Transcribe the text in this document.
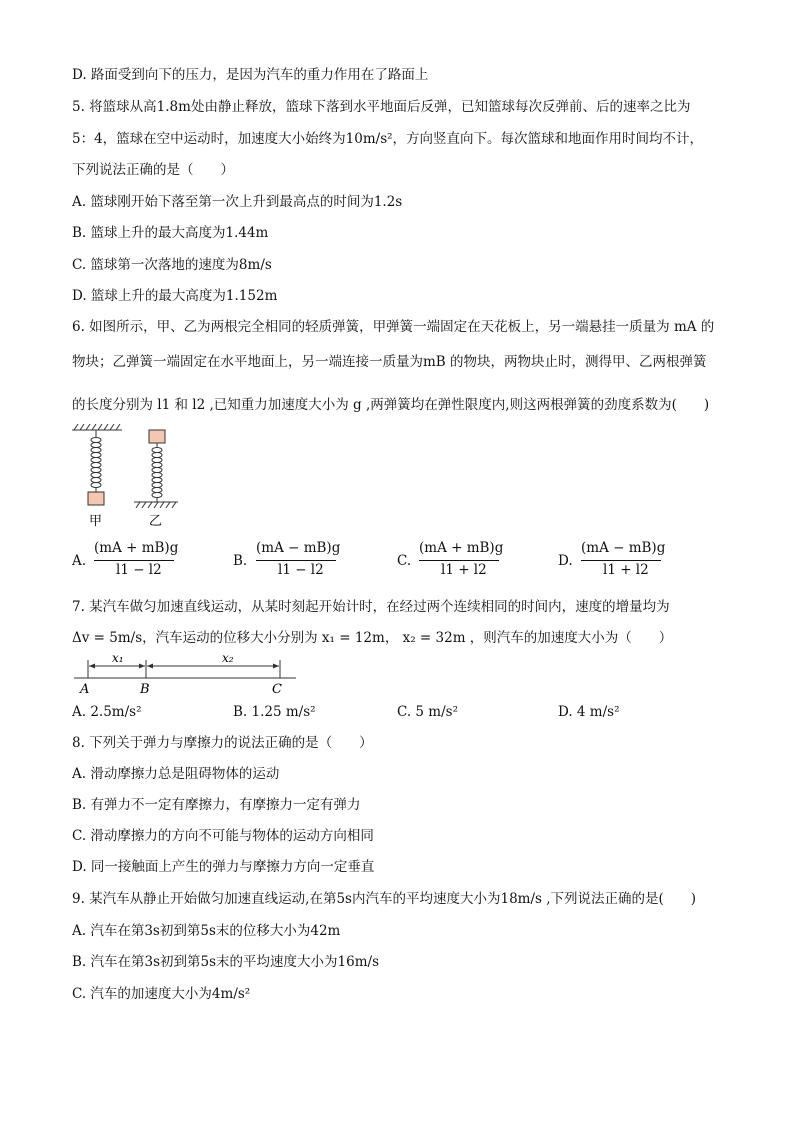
D. 路面受到向下的压力，是因为汽车的重力作用在了路面上
5. 将篮球从高1.8m处由静止释放，篮球下落到水平地面后反弹，已知篮球每次反弹前、后的速率之比为
5：4，篮球在空中运动时，加速度大小始终为10m/s²，方向竖直向下。每次篮球和地面作用时间均不计，
下列说法正确的是（　　）
A. 篮球刚开始下落至第一次上升到最高点的时间为1.2s
B. 篮球上升的最大高度为1.44m
C. 篮球第一次落地的速度为8m/s
D. 篮球上升的最大高度为1.152m
6. 如图所示，甲、乙为两根完全相同的轻质弹簧，甲弹簧一端固定在天花板上，另一端悬挂一质量为 mA 的
物块；乙弹簧一端固定在水平地面上，另一端连接一质量为mB 的物块，两物块止时，测得甲、乙两根弹簧
的长度分别为 l1 和 l2 ,已知重力加速度大小为 g ,两弹簧均在弹性限度内,则这两根弹簧的劲度系数为(　　)
甲	乙
A.
(mA + mB)g
l1 − l2
B.
(mA − mB)g
l1 − l2
C.
(mA + mB)g
l1 + l2
D.
(mA − mB)g
l1 + l2
7. 某汽车做匀加速直线运动，从某时刻起开始计时，在经过两个连续相同的时间内，速度的增量均为
Δv = 5m/s，汽车运动的位移大小分别为 x₁ = 12m， x₂ = 32m ，则汽车的加速度大小为（　　）
x₁	x₂
A	B	C
A. 2.5m/s²	B. 1.25 m/s²	C. 5 m/s²	D. 4 m/s²
8. 下列关于弹力与摩擦力的说法正确的是（　　）
A. 滑动摩擦力总是阻碍物体的运动
B. 有弹力不一定有摩擦力，有摩擦力一定有弹力
C. 滑动摩擦力的方向不可能与物体的运动方向相同
D. 同一接触面上产生的弹力与摩擦力方向一定垂直
9. 某汽车从静止开始做匀加速直线运动,在第5s内汽车的平均速度大小为18m/s ,下列说法正确的是(　　)
A. 汽车在第3s初到第5s末的位移大小为42m
B. 汽车在第3s初到第5s末的平均速度大小为16m/s
C. 汽车的加速度大小为4m/s²
